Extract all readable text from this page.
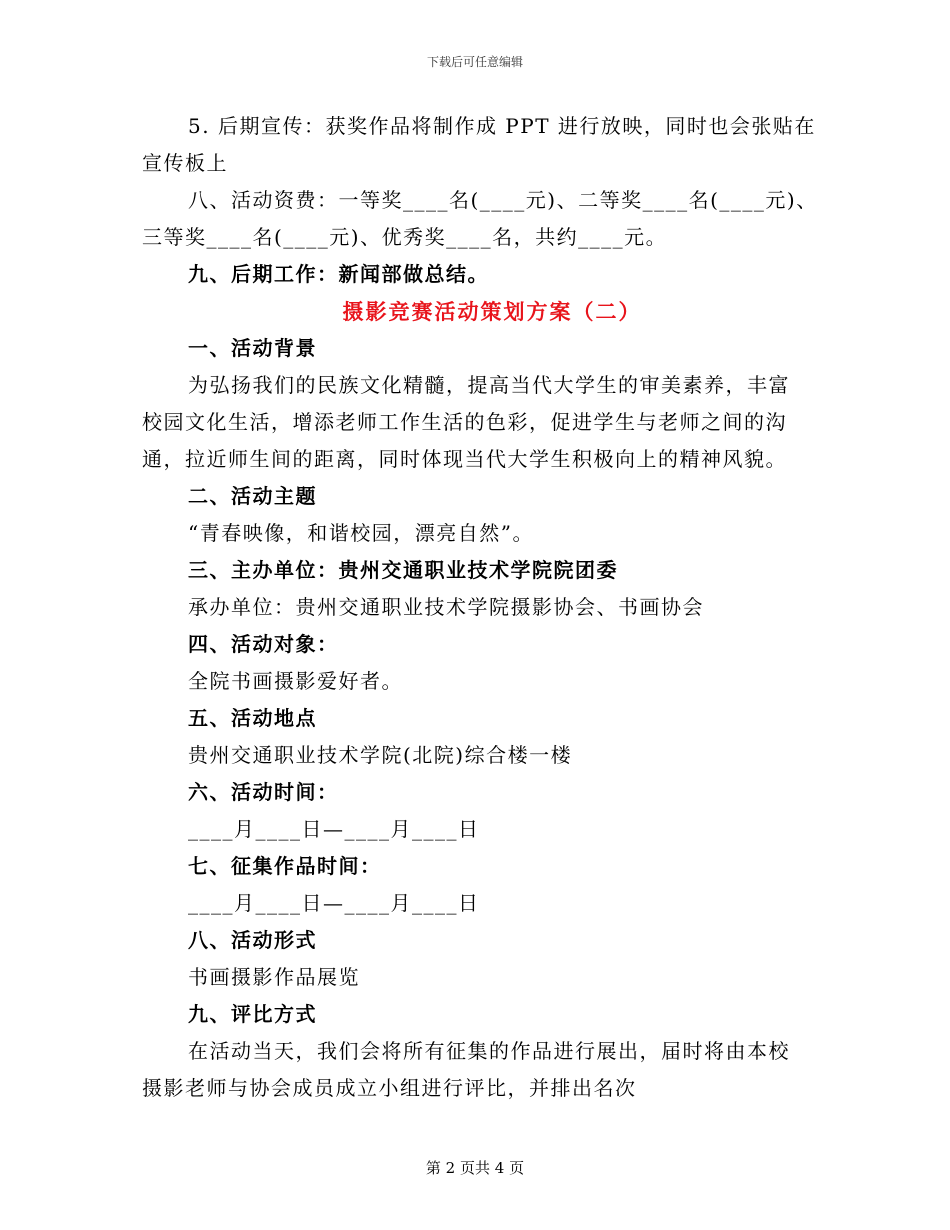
下载后可任意编辑

5. 后期宣传：获奖作品将制作成 PPT 进行放映，同时也会张贴在

宣传板上

八、活动资费：一等奖____名(____元)、二等奖____名(____元)、

三等奖____名(____元)、优秀奖____名，共约____元。

九、后期工作：新闻部做总结。

摄影竞赛活动策划方案（二）

一、活动背景

为弘扬我们的民族文化精髓，提高当代大学生的审美素养，丰富

校园文化生活，增添老师工作生活的色彩，促进学生与老师之间的沟

通，拉近师生间的距离，同时体现当代大学生积极向上的精神风貌。

二、活动主题

“青春映像，和谐校园，漂亮自然”。

三、主办单位：贵州交通职业技术学院院团委

承办单位：贵州交通职业技术学院摄影协会、书画协会

四、活动对象：

全院书画摄影爱好者。

五、活动地点

贵州交通职业技术学院(北院)综合楼一楼

六、活动时间：

____月____日—____月____日

七、征集作品时间：

____月____日—____月____日

八、活动形式

书画摄影作品展览

九、评比方式

在活动当天，我们会将所有征集的作品进行展出，届时将由本校

摄影老师与协会成员成立小组进行评比，并排出名次

第 2 页共 4 页
